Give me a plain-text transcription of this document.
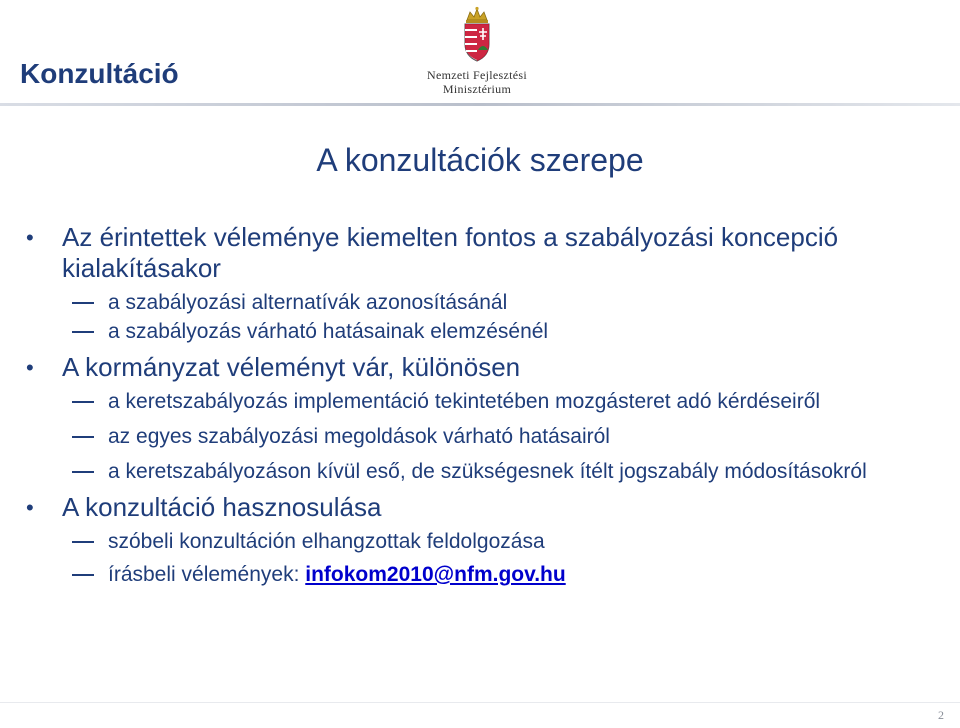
Konzultáció	Nemzeti Fejlesztési
Minisztérium
A konzultációk szerepe
• Az érintettek véleménye kiemelten fontos a szabályozási koncepció kialakításakor
a szabályozási alternatívák azonosításánál
a szabályozás várható hatásainak elemzésénél
• A kormányzat véleményt vár, különösen
a keretszabályozás implementáció tekintetében mozgásteret adó kérdéseiről
az egyes szabályozási megoldások várható hatásairól
a keretszabályozáson kívül eső, de szükségesnek ítélt jogszabály módosításokról
• A konzultáció hasznosulása
szóbeli konzultáción elhangzottak feldolgozása
írásbeli vélemények: infokom2010@nfm.gov.hu
2
